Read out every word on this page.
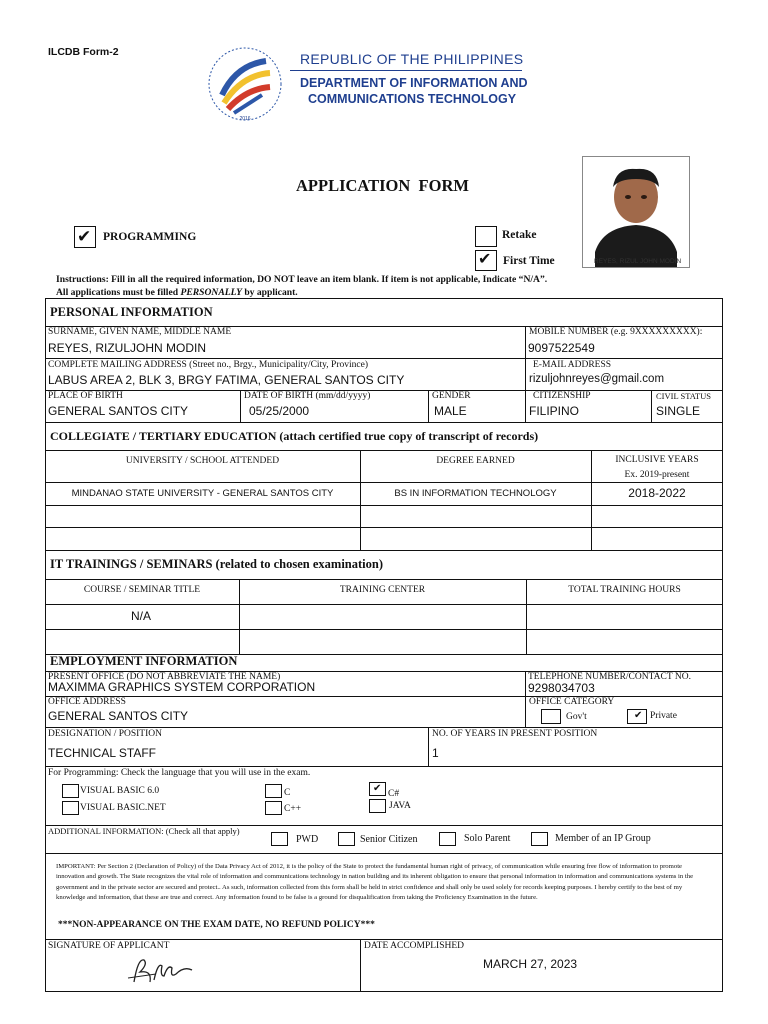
ILCDB Form-2
2016
REPUBLIC OF THE PHILIPPINES
DEPARTMENT OF INFORMATION AND
COMMUNICATIONS TECHNOLOGY
APPLICATION  FORM
REYES, RIZUL JOHN MODIN
✔ PROGRAMMING	Retake
✔ First Time
Instructions: Fill in all the required information, DO NOT leave an item blank. If item is not applicable, Indicate “N/A”.
All applications must be filled PERSONALLY by applicant.
PERSONAL INFORMATION
SURNAME, GIVEN NAME, MIDDLE NAME
REYES, RIZULJOHN MODIN
MOBILE NUMBER (e.g. 9XXXXXXXXX):
9097522549
COMPLETE MAILING ADDRESS (Street no., Brgy., Municipality/City, Province)
LABUS AREA 2, BLK 3, BRGY FATIMA, GENERAL SANTOS CITY
E-MAIL ADDRESS
rizuljohnreyes@gmail.com
PLACE OF BIRTH
GENERAL SANTOS CITY
DATE OF BIRTH (mm/dd/yyyy)
05/25/2000
GENDER
MALE
CITIZENSHIP
FILIPINO
CIVIL STATUS
SINGLE
COLLEGIATE / TERTIARY EDUCATION (attach certified true copy of transcript of records)
UNIVERSITY / SCHOOL ATTENDED	DEGREE EARNED	INCLUSIVE YEARS
Ex. 2019-present
MINDANAO STATE UNIVERSITY - GENERAL SANTOS CITY	BS IN INFORMATION TECHNOLOGY	2018-2022
IT TRAININGS / SEMINARS (related to chosen examination)
COURSE / SEMINAR TITLE	TRAINING CENTER	TOTAL TRAINING HOURS
N/A
EMPLOYMENT INFORMATION
PRESENT OFFICE (DO NOT ABBREVIATE THE NAME)
MAXIMMA GRAPHICS SYSTEM CORPORATION
TELEPHONE NUMBER/CONTACT NO.
9298034703
OFFICE ADDRESS
GENERAL SANTOS CITY
OFFICE CATEGORY
Gov't	✔ Private
DESIGNATION / POSITION
TECHNICAL STAFF
NO. OF YEARS IN PRESENT POSITION
1
For Programming: Check the language that you will use in the exam.
VISUAL BASIC 6.0
VISUAL BASIC.NET
C
C++
✔ C#
JAVA
ADDITIONAL INFORMATION: (Check all that apply)
PWD	Senior Citizen	Solo Parent	Member of an IP Group
IMPORTANT: Per Section 2 (Declaration of Policy) of the Data Privacy Act of 2012, it is the policy of the State to protect the fundamental human right of privacy, of communication while ensuring free flow of information to promote innovation and growth. The State recognizes the vital role of information and communications technology in nation building and its inherent obligation to ensure that personal information in information and communications systems in the government and in the private sector are secured and protect.. As such, information collected from this form shall be held in strict confidence and shall only be used solely for records keeping purposes. I hereby certify to the best of my knowledge and information, that these are true and correct. Any information found to be false is a ground for disqualification from taking the Proficiency Examination in the future.
***NON-APPEARANCE ON THE EXAM DATE, NO REFUND POLICY***
SIGNATURE OF APPLICANT	DATE ACCOMPLISHED
MARCH 27, 2023
